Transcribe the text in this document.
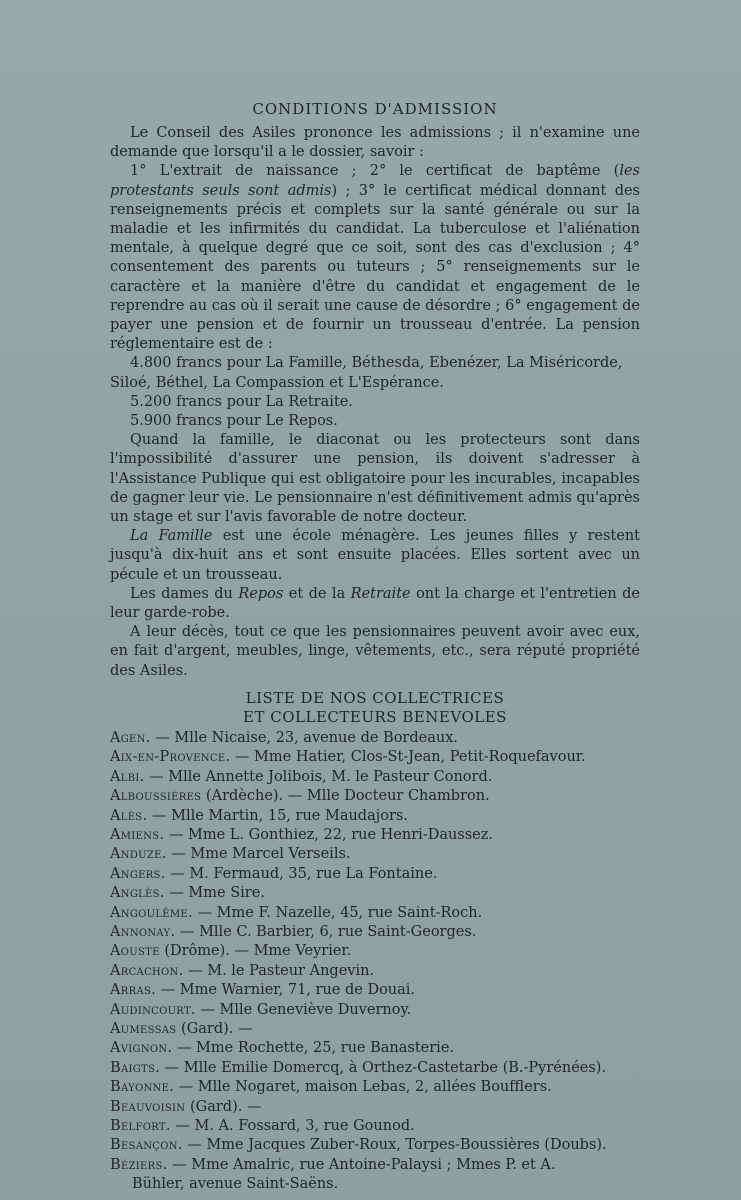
CONDITIONS D'ADMISSION

Le Conseil des Asiles prononce les admissions ; il n'examine une demande que lorsqu'il a le dossier, savoir :

1° L'extrait de naissance ; 2° le certificat de baptême (les protestants seuls sont admis) ; 3° le certificat médical donnant des renseignements précis et complets sur la santé générale ou sur la maladie et les infirmités du candidat. La tuberculose et l'aliénation mentale, à quelque degré que ce soit, sont des cas d'exclusion ; 4° consentement des parents ou tuteurs ; 5° renseignements sur le caractère et la manière d'être du candidat et engagement de le reprendre au cas où il serait une cause de désordre ; 6° engagement de payer une pension et de fournir un trousseau d'entrée. La pension réglementaire est de :

4.800 francs pour La Famille, Béthesda, Ebenézer, La Miséricorde, Siloé, Béthel, La Compassion et L'Espérance.

5.200 francs pour La Retraite.

5.900 francs pour Le Repos.

Quand la famille, le diaconat ou les protecteurs sont dans l'impossibilité d'assurer une pension, ils doivent s'adresser à l'Assistance Publique qui est obligatoire pour les incurables, incapables de gagner leur vie. Le pensionnaire n'est définitivement admis qu'après un stage et sur l'avis favorable de notre docteur.

La Famille est une école ménagère. Les jeunes filles y restent jusqu'à dix-huit ans et sont ensuite placées. Elles sortent avec un pécule et un trousseau.

Les dames du Repos et de la Retraite ont la charge et l'entretien de leur garde-robe.

A leur décès, tout ce que les pensionnaires peuvent avoir avec eux, en fait d'argent, meubles, linge, vêtements, etc., sera réputé propriété des Asiles.

LISTE DE NOS COLLECTRICES
ET COLLECTEURS BENEVOLES
Agen. — Mlle Nicaise, 23, avenue de Bordeaux.
Aix-en-Provence. — Mme Hatier, Clos-St-Jean, Petit-Roquefavour.
Albi. — Mlle Annette Jolibois, M. le Pasteur Conord.
Alboussières (Ardèche). — Mlle Docteur Chambron.
Alès. — Mlle Martin, 15, rue Maudajors.
Amiens. — Mme L. Gonthiez, 22, rue Henri-Daussez.
Anduze. — Mme Marcel Verseils.
Angers. — M. Fermaud, 35, rue La Fontaine.
Anglès. — Mme Sire.
Angoulême. — Mme F. Nazelle, 45, rue Saint-Roch.
Annonay. — Mlle C. Barbier, 6, rue Saint-Georges.
Aouste (Drôme). — Mme Veyrier.
Arcachon. — M. le Pasteur Angevin.
Arras. — Mme Warnier, 71, rue de Douai.
Audincourt. — Mlle Geneviève Duvernoy.
Aumessas (Gard). —
Avignon. — Mme Rochette, 25, rue Banasterie.
Baigts. — Mlle Emilie Domercq, à Orthez-Castetarbe (B.-Pyrénées).
Bayonne. — Mlle Nogaret, maison Lebas, 2, allées Boufflers.
Beauvoisin (Gard). —
Belfort. — M. A. Fossard, 3, rue Gounod.
Besançon. — Mme Jacques Zuber-Roux, Torpes-Boussières (Doubs).
Béziers. — Mme Amalric, rue Antoine-Palaysi ; Mmes P. et A.
Bühler, avenue Saint-Saëns.
